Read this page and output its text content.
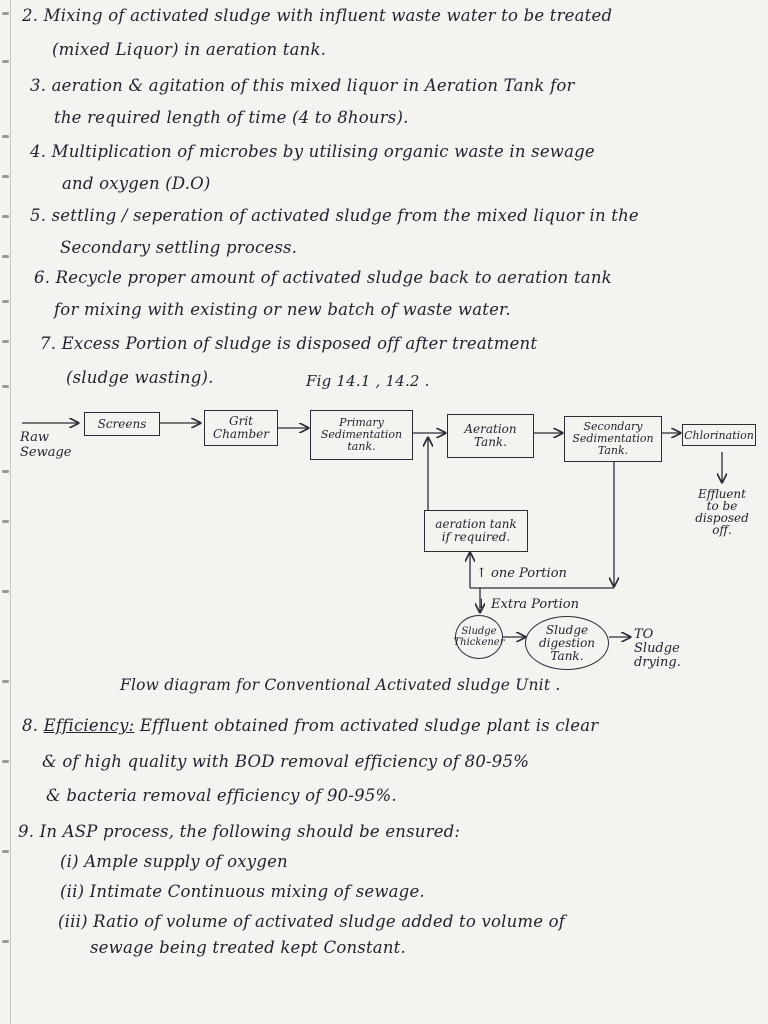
2. Mixing of activated sludge with influent waste water to be treated
(mixed Liquor) in aeration tank.
3. aeration & agitation of this mixed liquor in Aeration Tank for
the required length of time (4 to 8hours).
4. Multiplication of microbes by utilising organic waste in sewage
and oxygen (D.O)
5. settling / seperation of activated sludge from the mixed liquor in the
Secondary settling process.
6. Recycle proper amount of activated sludge back to aeration tank
for mixing with existing or new batch of waste water.
7. Excess Portion of sludge is disposed off after treatment
(sludge wasting).	Fig 14.1 , 14.2 .
Raw
Sewage
Screens	Grit
Chamber
Primary
Sedimentation
tank.
Aeration
Tank.
Secondary
Sedimentation
Tank.
Chlorination
Effluent
to be
disposed
off.
aeration tank
if required.
↑ one Portion
↓ Extra Portion
Sludge
Thickener
Sludge
digestion
Tank.
TO
Sludge
drying.
Flow diagram for Conventional Activated sludge Unit .
8. Efficiency: Effluent obtained from activated sludge plant is clear
& of high quality with BOD removal efficiency of 80-95%
& bacteria removal efficiency of 90-95%.
9. In ASP process, the following should be ensured:
(i) Ample supply of oxygen
(ii) Intimate Continuous mixing of sewage.
(iii) Ratio of volume of activated sludge added to volume of
sewage being treated kept Constant.
